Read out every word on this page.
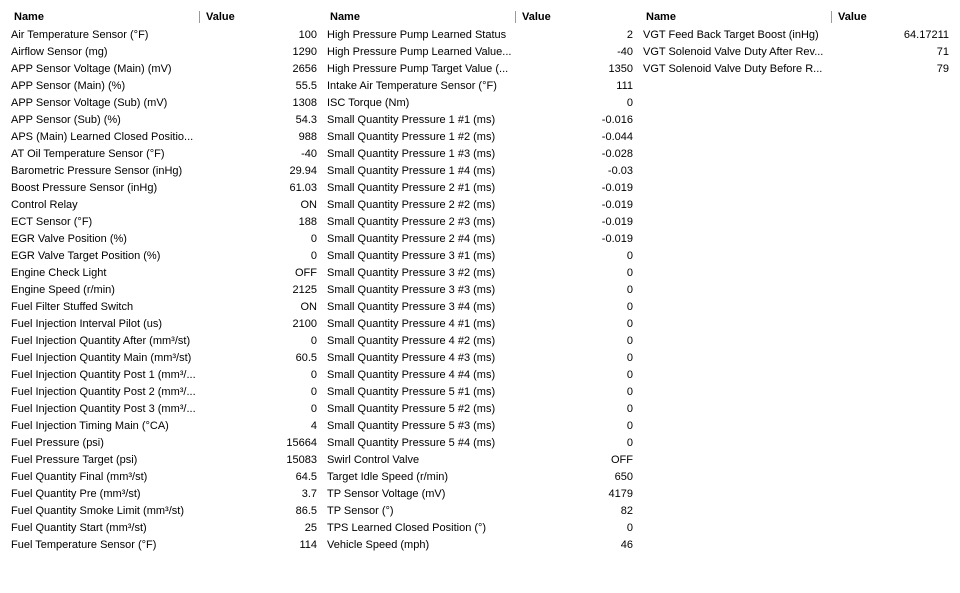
Name	Value
Air Temperature Sensor (°F)	100
Airflow Sensor (mg)	1290
APP Sensor Voltage (Main) (mV)	2656
APP Sensor (Main) (%)	55.5
APP Sensor Voltage (Sub) (mV)	1308
APP Sensor (Sub) (%)	54.3
APS (Main) Learned Closed Positio...	988
AT Oil Temperature Sensor (°F)	-40
Barometric Pressure Sensor (inHg)	29.94
Boost Pressure Sensor (inHg)	61.03
Control Relay	ON
ECT Sensor (°F)	188
EGR Valve Position (%)	0
EGR Valve Target Position (%)	0
Engine Check Light	OFF
Engine Speed (r/min)	2125
Fuel Filter Stuffed Switch	ON
Fuel Injection Interval Pilot (us)	2100
Fuel Injection Quantity After (mm³/st)	0
Fuel Injection Quantity Main (mm³/st)	60.5
Fuel Injection Quantity Post 1 (mm³/...	0
Fuel Injection Quantity Post 2 (mm³/...	0
Fuel Injection Quantity Post 3 (mm³/...	0
Fuel Injection Timing Main (°CA)	4
Fuel Pressure (psi)	15664
Fuel Pressure Target (psi)	15083
Fuel Quantity Final (mm³/st)	64.5
Fuel Quantity Pre (mm³/st)	3.7
Fuel Quantity Smoke Limit (mm³/st)	86.5
Fuel Quantity Start (mm³/st)	25
Fuel Temperature Sensor (°F)	114
Name	Value
High Pressure Pump Learned Status	2
High Pressure Pump Learned Value...	-40
High Pressure Pump Target Value (...	1350
Intake Air Temperature Sensor (°F)	111
ISC Torque (Nm)	0
Small Quantity Pressure 1 #1 (ms)	-0.016
Small Quantity Pressure 1 #2 (ms)	-0.044
Small Quantity Pressure 1 #3 (ms)	-0.028
Small Quantity Pressure 1 #4 (ms)	-0.03
Small Quantity Pressure 2 #1 (ms)	-0.019
Small Quantity Pressure 2 #2 (ms)	-0.019
Small Quantity Pressure 2 #3 (ms)	-0.019
Small Quantity Pressure 2 #4 (ms)	-0.019
Small Quantity Pressure 3 #1 (ms)	0
Small Quantity Pressure 3 #2 (ms)	0
Small Quantity Pressure 3 #3 (ms)	0
Small Quantity Pressure 3 #4 (ms)	0
Small Quantity Pressure 4 #1 (ms)	0
Small Quantity Pressure 4 #2 (ms)	0
Small Quantity Pressure 4 #3 (ms)	0
Small Quantity Pressure 4 #4 (ms)	0
Small Quantity Pressure 5 #1 (ms)	0
Small Quantity Pressure 5 #2 (ms)	0
Small Quantity Pressure 5 #3 (ms)	0
Small Quantity Pressure 5 #4 (ms)	0
Swirl Control Valve	OFF
Target Idle Speed (r/min)	650
TP Sensor Voltage (mV)	4179
TP Sensor (°)	82
TPS Learned Closed Position (°)	0
Vehicle Speed (mph)	46
Name	Value
VGT Feed Back Target Boost (inHg)	64.17211
VGT Solenoid Valve Duty After Rev...	71
VGT Solenoid Valve Duty Before R...	79
